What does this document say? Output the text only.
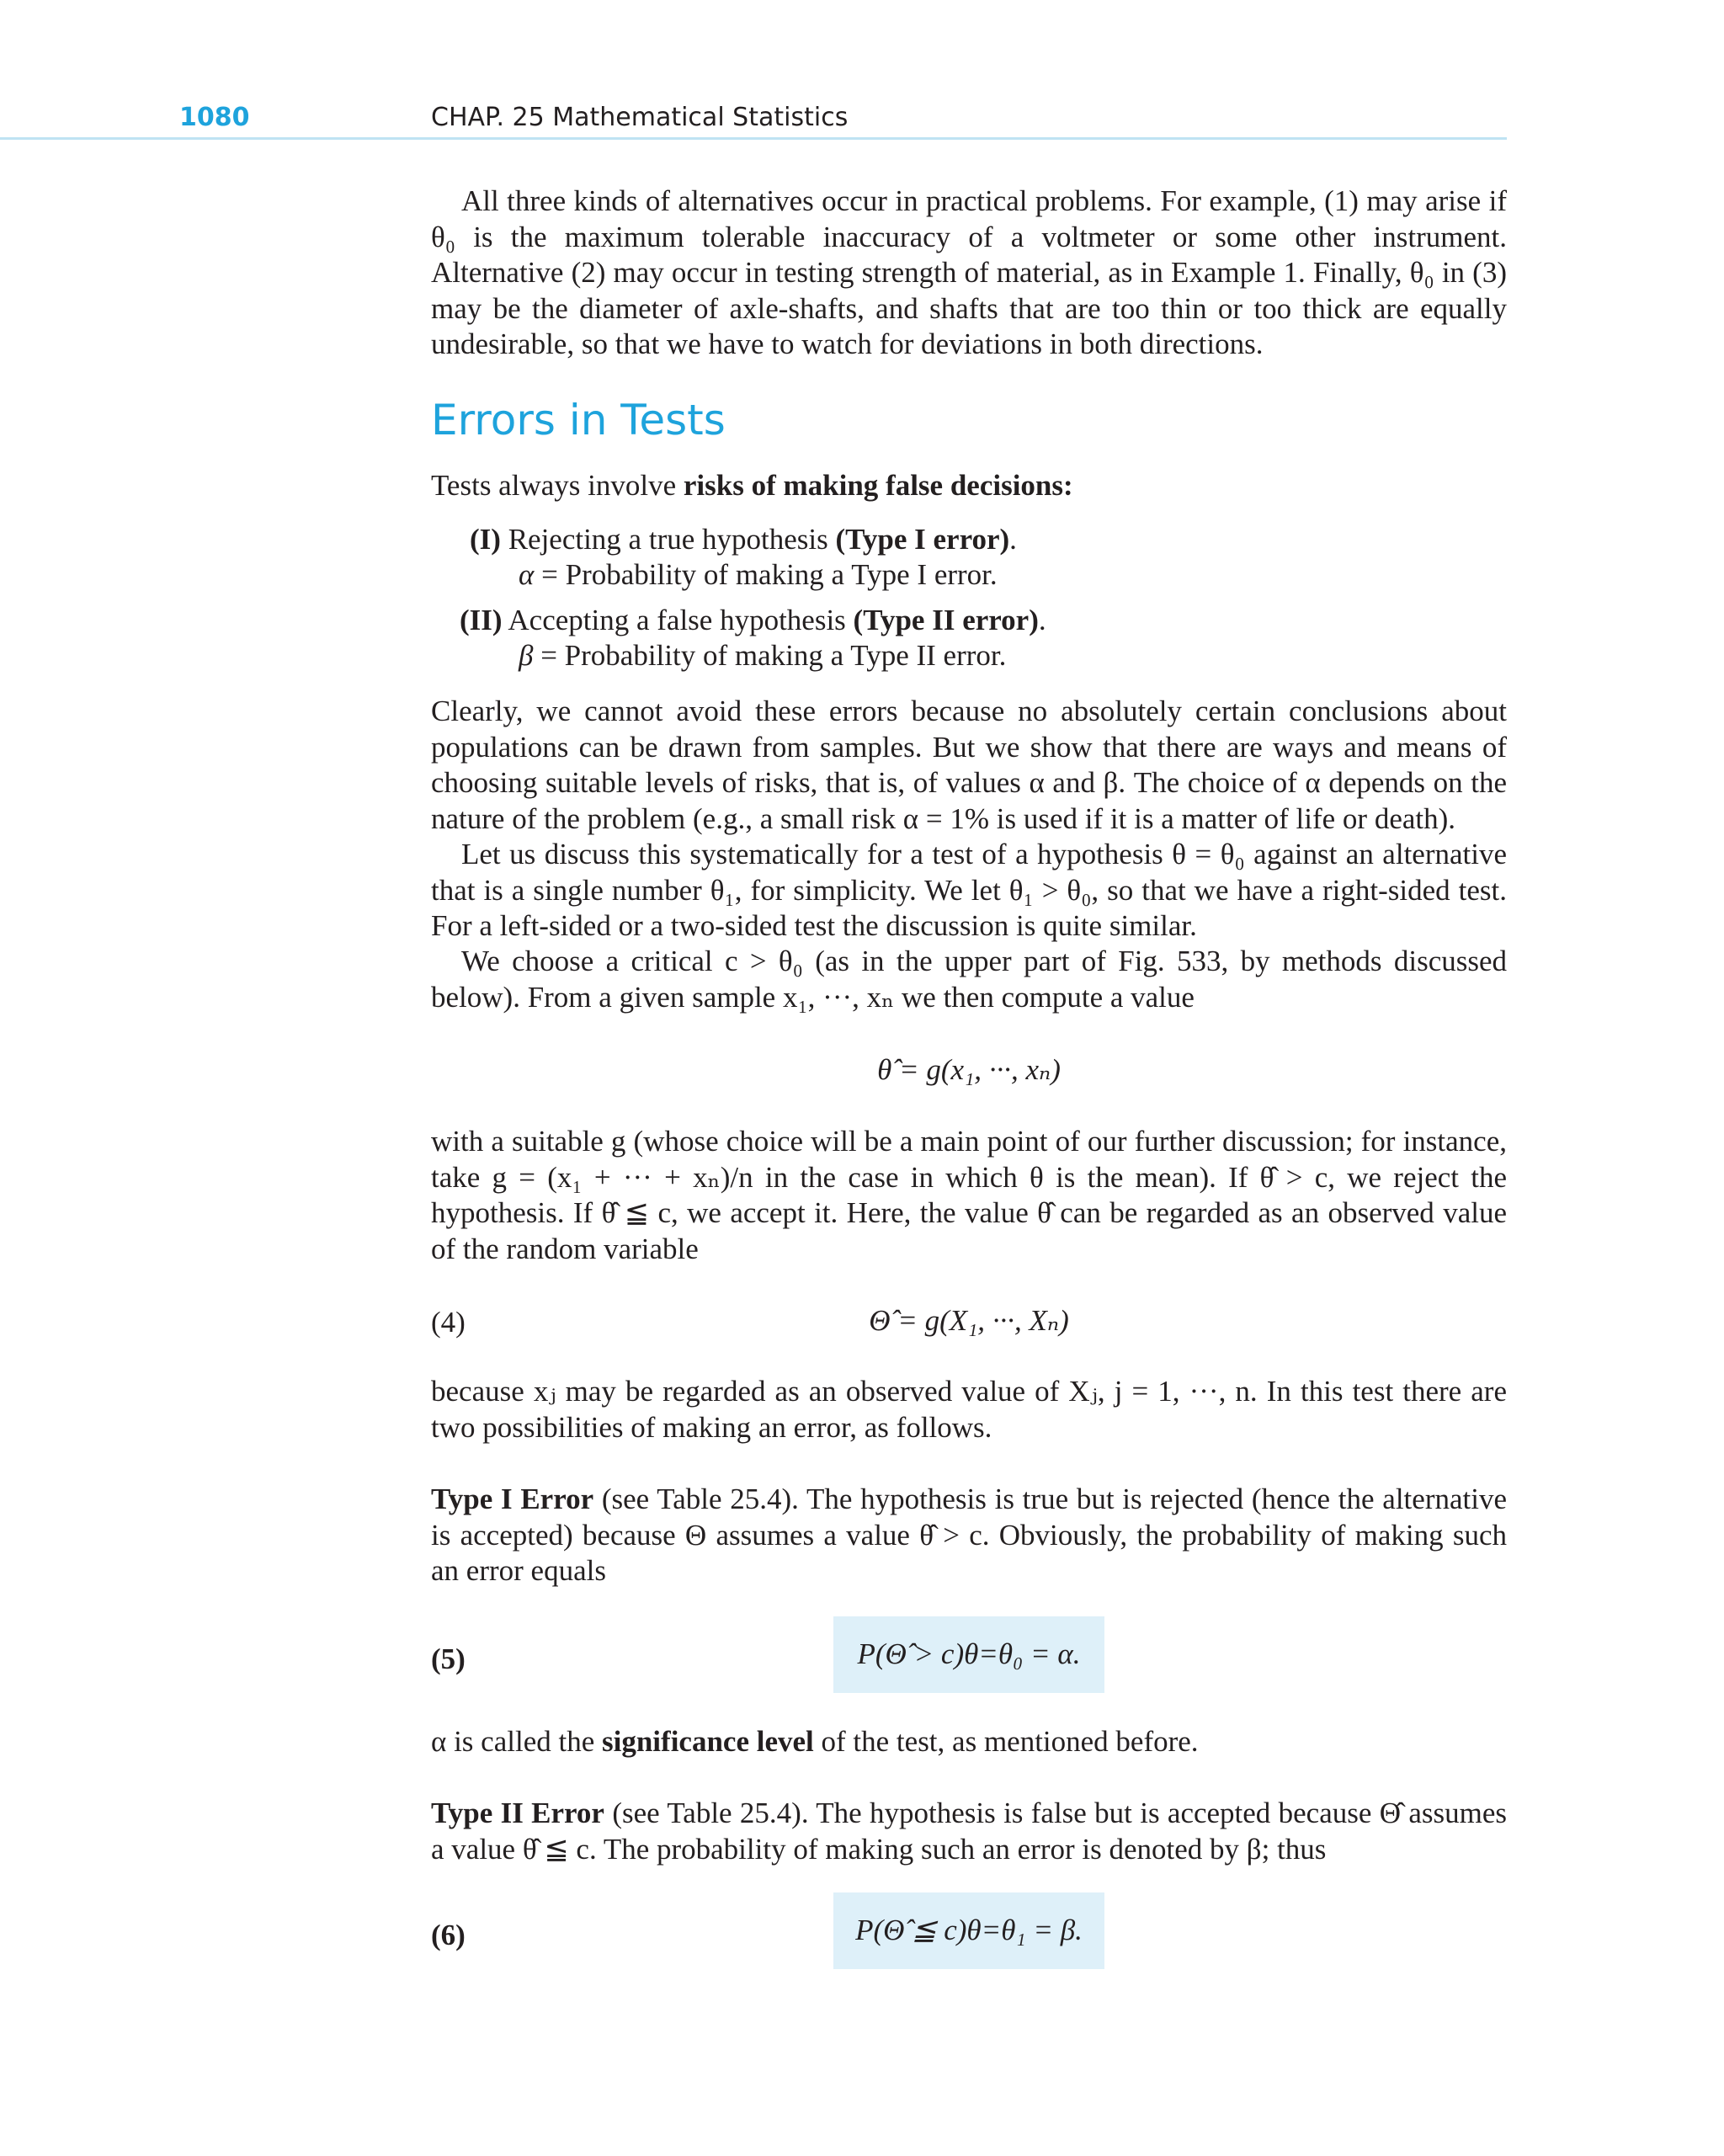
1080	CHAP. 25 Mathematical Statistics

All three kinds of alternatives occur in practical problems. For example, (1) may arise if θ₀ is the maximum tolerable inaccuracy of a voltmeter or some other instrument. Alternative (2) may occur in testing strength of material, as in Example 1. Finally, θ₀ in (3) may be the diameter of axle-shafts, and shafts that are too thin or too thick are equally undesirable, so that we have to watch for deviations in both directions.

Errors in Tests

Tests always involve risks of making false decisions:

(I) Rejecting a true hypothesis (Type I error).
α = Probability of making a Type I error.
(II) Accepting a false hypothesis (Type II error).
β = Probability of making a Type II error.

Clearly, we cannot avoid these errors because no absolutely certain conclusions about populations can be drawn from samples. But we show that there are ways and means of choosing suitable levels of risks, that is, of values α and β. The choice of α depends on the nature of the problem (e.g., a small risk α = 1% is used if it is a matter of life or death).

Let us discuss this systematically for a test of a hypothesis θ = θ₀ against an alternative that is a single number θ₁, for simplicity. We let θ₁ > θ₀, so that we have a right-sided test. For a left-sided or a two-sided test the discussion is quite similar.

We choose a critical c > θ₀ (as in the upper part of Fig. 533, by methods discussed below). From a given sample x₁, ···, xₙ we then compute a value

θ̂ = g(x₁, ···, xₙ)

with a suitable g (whose choice will be a main point of our further discussion; for instance, take g = (x₁ + ··· + xₙ)/n in the case in which θ is the mean). If θ̂ > c, we reject the hypothesis. If θ̂ ≦ c, we accept it. Here, the value θ̂ can be regarded as an observed value of the random variable

(4)	Θ̂ = g(X₁, ···, Xₙ)

because xⱼ may be regarded as an observed value of Xⱼ, j = 1, ···, n. In this test there are two possibilities of making an error, as follows.

Type I Error (see Table 25.4). The hypothesis is true but is rejected (hence the alternative is accepted) because Θ assumes a value θ̂ > c. Obviously, the probability of making such an error equals

(5)	P(Θ̂ > c)θ=θ₀ = α.

α is called the significance level of the test, as mentioned before.

Type II Error (see Table 25.4). The hypothesis is false but is accepted because Θ̂ assumes a value θ̂ ≦ c. The probability of making such an error is denoted by β; thus

(6)	P(Θ̂ ≦ c)θ=θ₁ = β.
